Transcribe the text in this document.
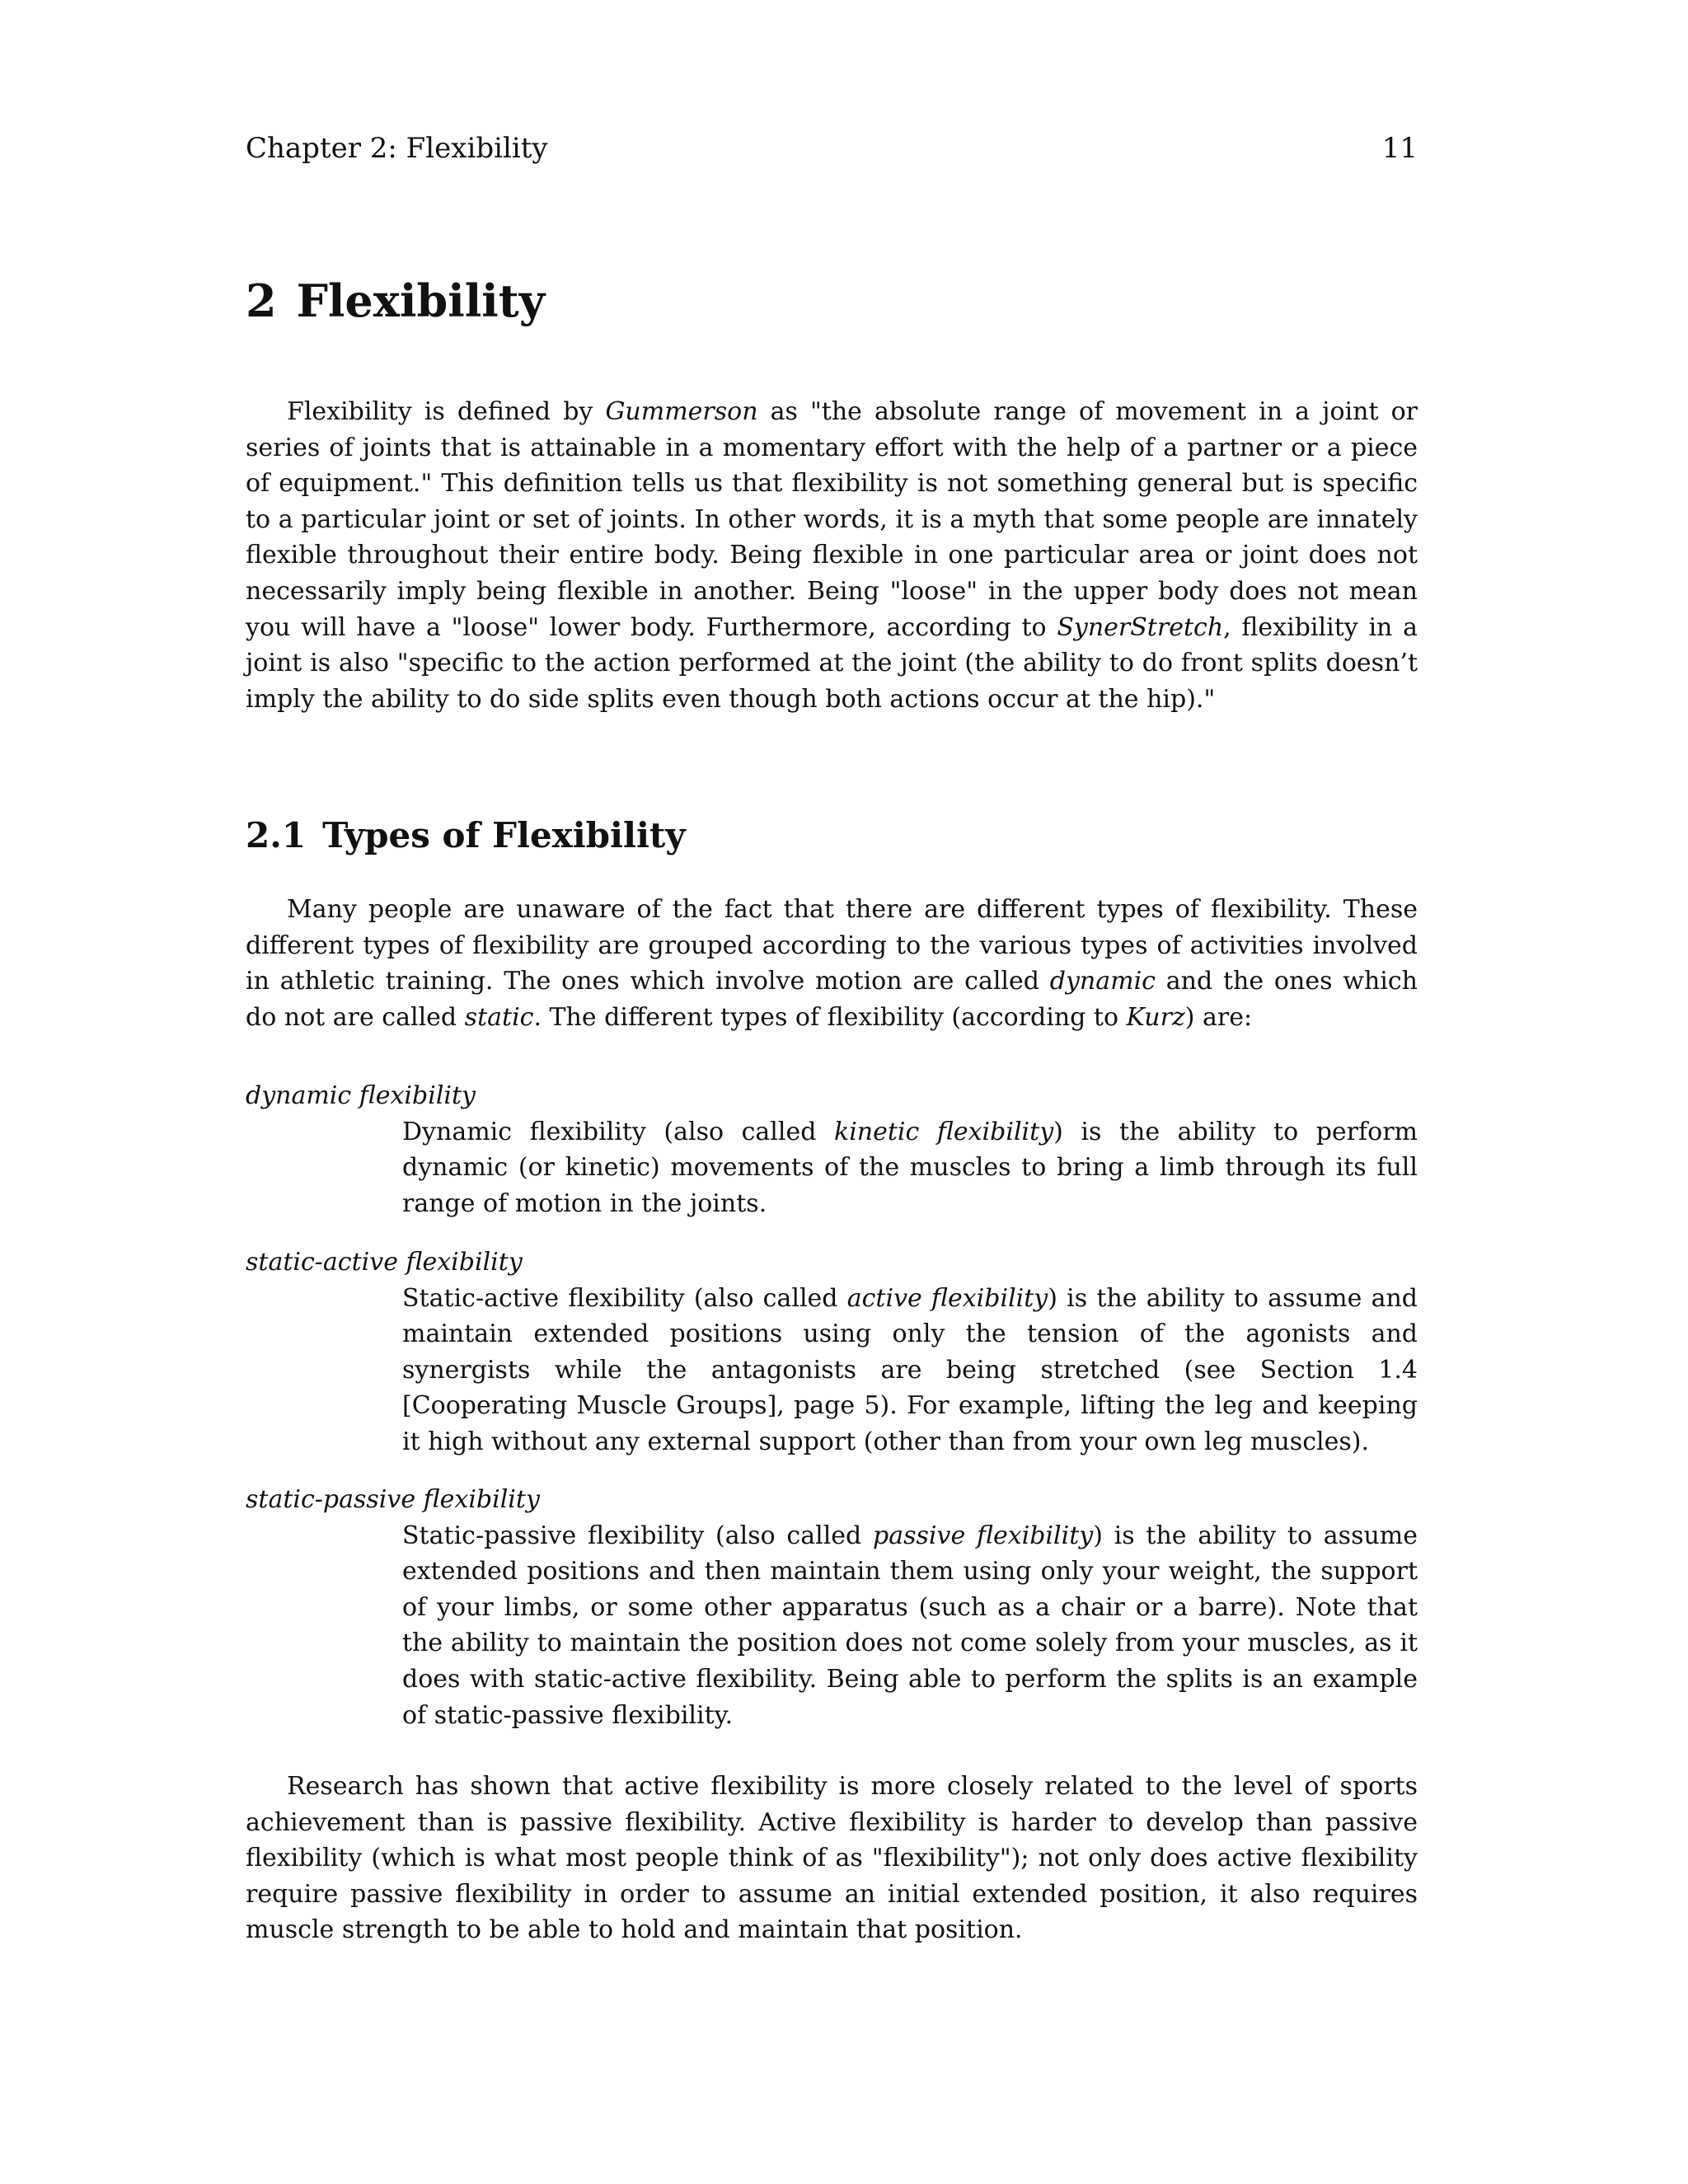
Chapter 2: Flexibility	11
2 Flexibility

Flexibility is defined by Gummerson as "the absolute range of movement in a joint or series of joints that is attainable in a momentary effort with the help of a partner or a piece of equipment." This definition tells us that flexibility is not something general but is specific to a particular joint or set of joints. In other words, it is a myth that some people are innately flexible throughout their entire body. Being flexible in one particular area or joint does not necessarily imply being flexible in another. Being "loose" in the upper body does not mean you will have a "loose" lower body. Furthermore, according to SynerStretch, flexibility in a joint is also "specific to the action performed at the joint (the ability to do front splits doesn’t imply the ability to do side splits even though both actions occur at the hip)."

2.1 Types of Flexibility

Many people are unaware of the fact that there are different types of flexibility. These different types of flexibility are grouped according to the various types of activities involved in athletic training. The ones which involve motion are called dynamic and the ones which do not are called static. The different types of flexibility (according to Kurz) are:

dynamic flexibility
Dynamic flexibility (also called kinetic flexibility) is the ability to perform dynamic (or kinetic) movements of the muscles to bring a limb through its full range of motion in the joints.
static-active flexibility
Static-active flexibility (also called active flexibility) is the ability to assume and maintain extended positions using only the tension of the agonists and synergists while the antagonists are being stretched (see Section 1.4 [Cooperating Muscle Groups], page 5). For example, lifting the leg and keeping it high without any external support (other than from your own leg muscles).
static-passive flexibility
Static-passive flexibility (also called passive flexibility) is the ability to assume extended positions and then maintain them using only your weight, the support of your limbs, or some other apparatus (such as a chair or a barre). Note that the ability to maintain the position does not come solely from your muscles, as it does with static-active flexibility. Being able to perform the splits is an example of static-passive flexibility.

Research has shown that active flexibility is more closely related to the level of sports achievement than is passive flexibility. Active flexibility is harder to develop than passive flexibility (which is what most people think of as "flexibility"); not only does active flexibility require passive flexibility in order to assume an initial extended position, it also requires muscle strength to be able to hold and maintain that position.
